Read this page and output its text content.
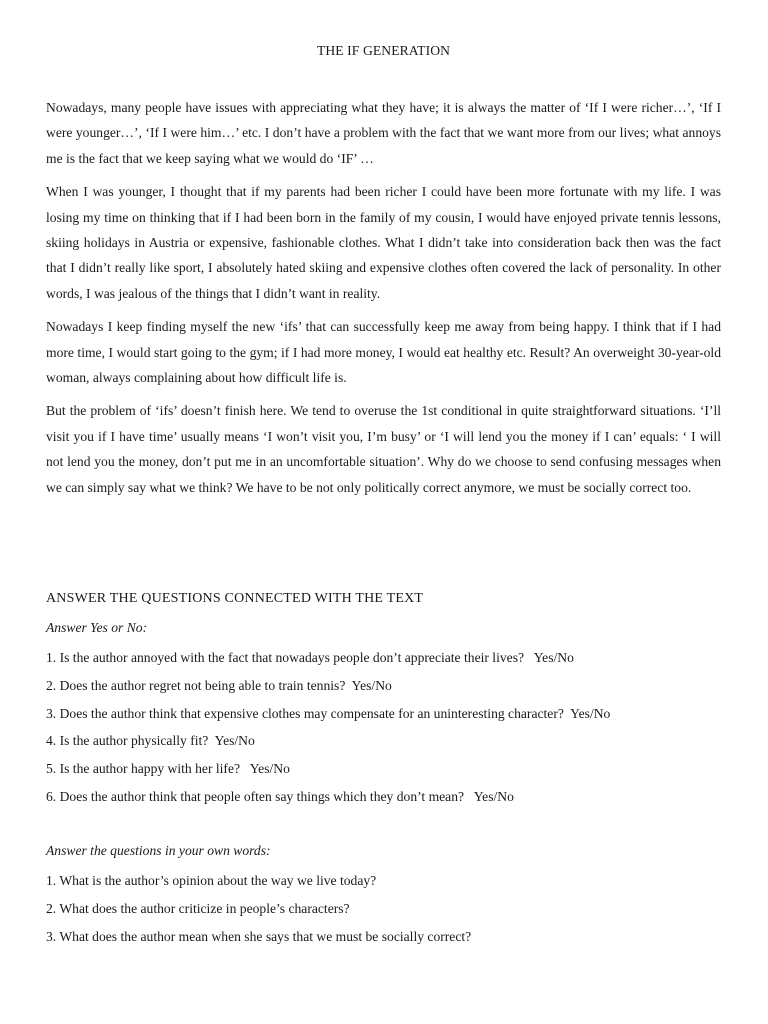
THE IF GENERATION

Nowadays, many people have issues with appreciating what they have; it is always the matter of ‘If I were richer…’, ‘If I were younger…’, ‘If I were him…’ etc. I don’t have a problem with the fact that we want more from our lives; what annoys me is the fact that we keep saying what we would do ‘IF’ …

When I was younger, I thought that if my parents had been richer I could have been more fortunate with my life. I was losing my time on thinking that if I had been born in the family of my cousin, I would have enjoyed private tennis lessons, skiing holidays in Austria or expensive, fashionable clothes. What I didn’t take into consideration back then was the fact that I didn’t really like sport, I absolutely hated skiing and expensive clothes often covered the lack of personality. In other words, I was jealous of the things that I didn’t want in reality.

Nowadays I keep finding myself the new ‘ifs’ that can successfully keep me away from being happy. I think that if I had more time, I would start going to the gym; if I had more money, I would eat healthy etc. Result? An overweight 30-year-old woman, always complaining about how difficult life is.

But the problem of ‘ifs’ doesn’t finish here. We tend to overuse the 1st conditional in quite straightforward situations. ‘I’ll visit you if I have time’ usually means ‘I won’t visit you, I’m busy’ or ‘I will lend you the money if I can’ equals: ‘ I will not lend you the money, don’t put me in an uncomfortable situation’. Why do we choose to send confusing messages when we can simply say what we think? We have to be not only politically correct anymore, we must be socially correct too.

ANSWER THE QUESTIONS CONNECTED WITH THE TEXT
Answer Yes or No:
1. Is the author annoyed with the fact that nowadays people don’t appreciate their lives?   Yes/No
2. Does the author regret not being able to train tennis?  Yes/No
3. Does the author think that expensive clothes may compensate for an uninteresting character?  Yes/No
4. Is the author physically fit?  Yes/No
5. Is the author happy with her life?   Yes/No
6. Does the author think that people often say things which they don’t mean?   Yes/No
Answer the questions in your own words:
1. What is the author’s opinion about the way we live today?
2. What does the author criticize in people’s characters?
3. What does the author mean when she says that we must be socially correct?
